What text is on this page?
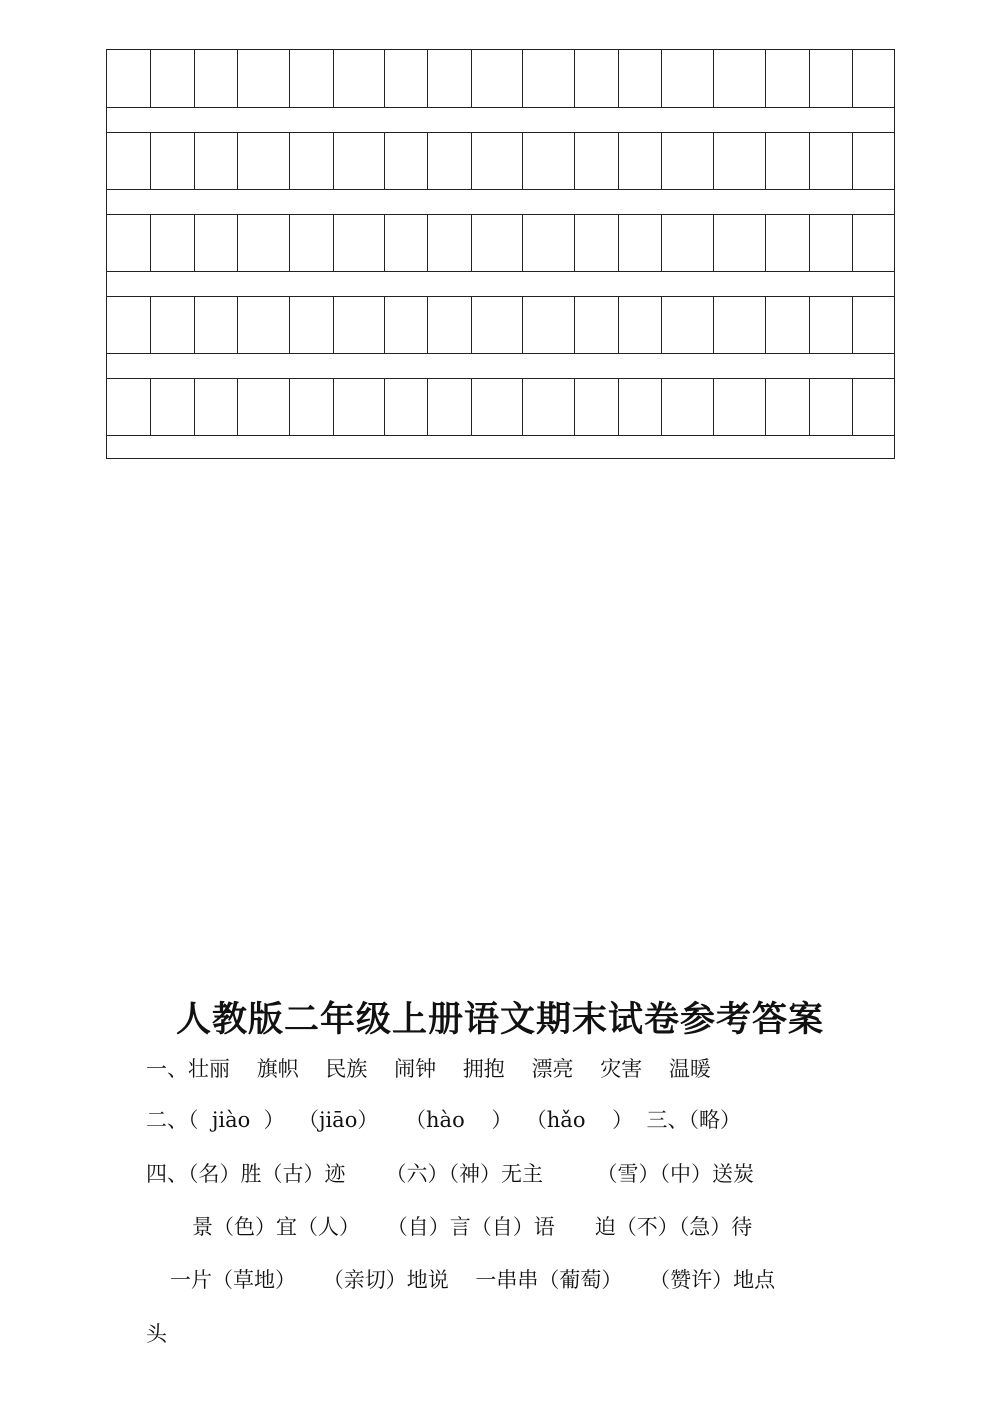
人教版二年级上册语文期末试卷参考答案
一、壮丽    旗帜    民族    闹钟    拥抱    漂亮    灾害    温暖
二、（  jiào  ）  （jiāo）    （hào    ）  （hǎo    ）  三、（略）
四、（名）胜（古）迹      （六）（神）无主        （雪）（中）送炭
景（色）宜（人）    （自）言（自）语      迫（不）（急）待
一片（草地）    （亲切）地说    一串串（葡萄）    （赞许）地点
头
